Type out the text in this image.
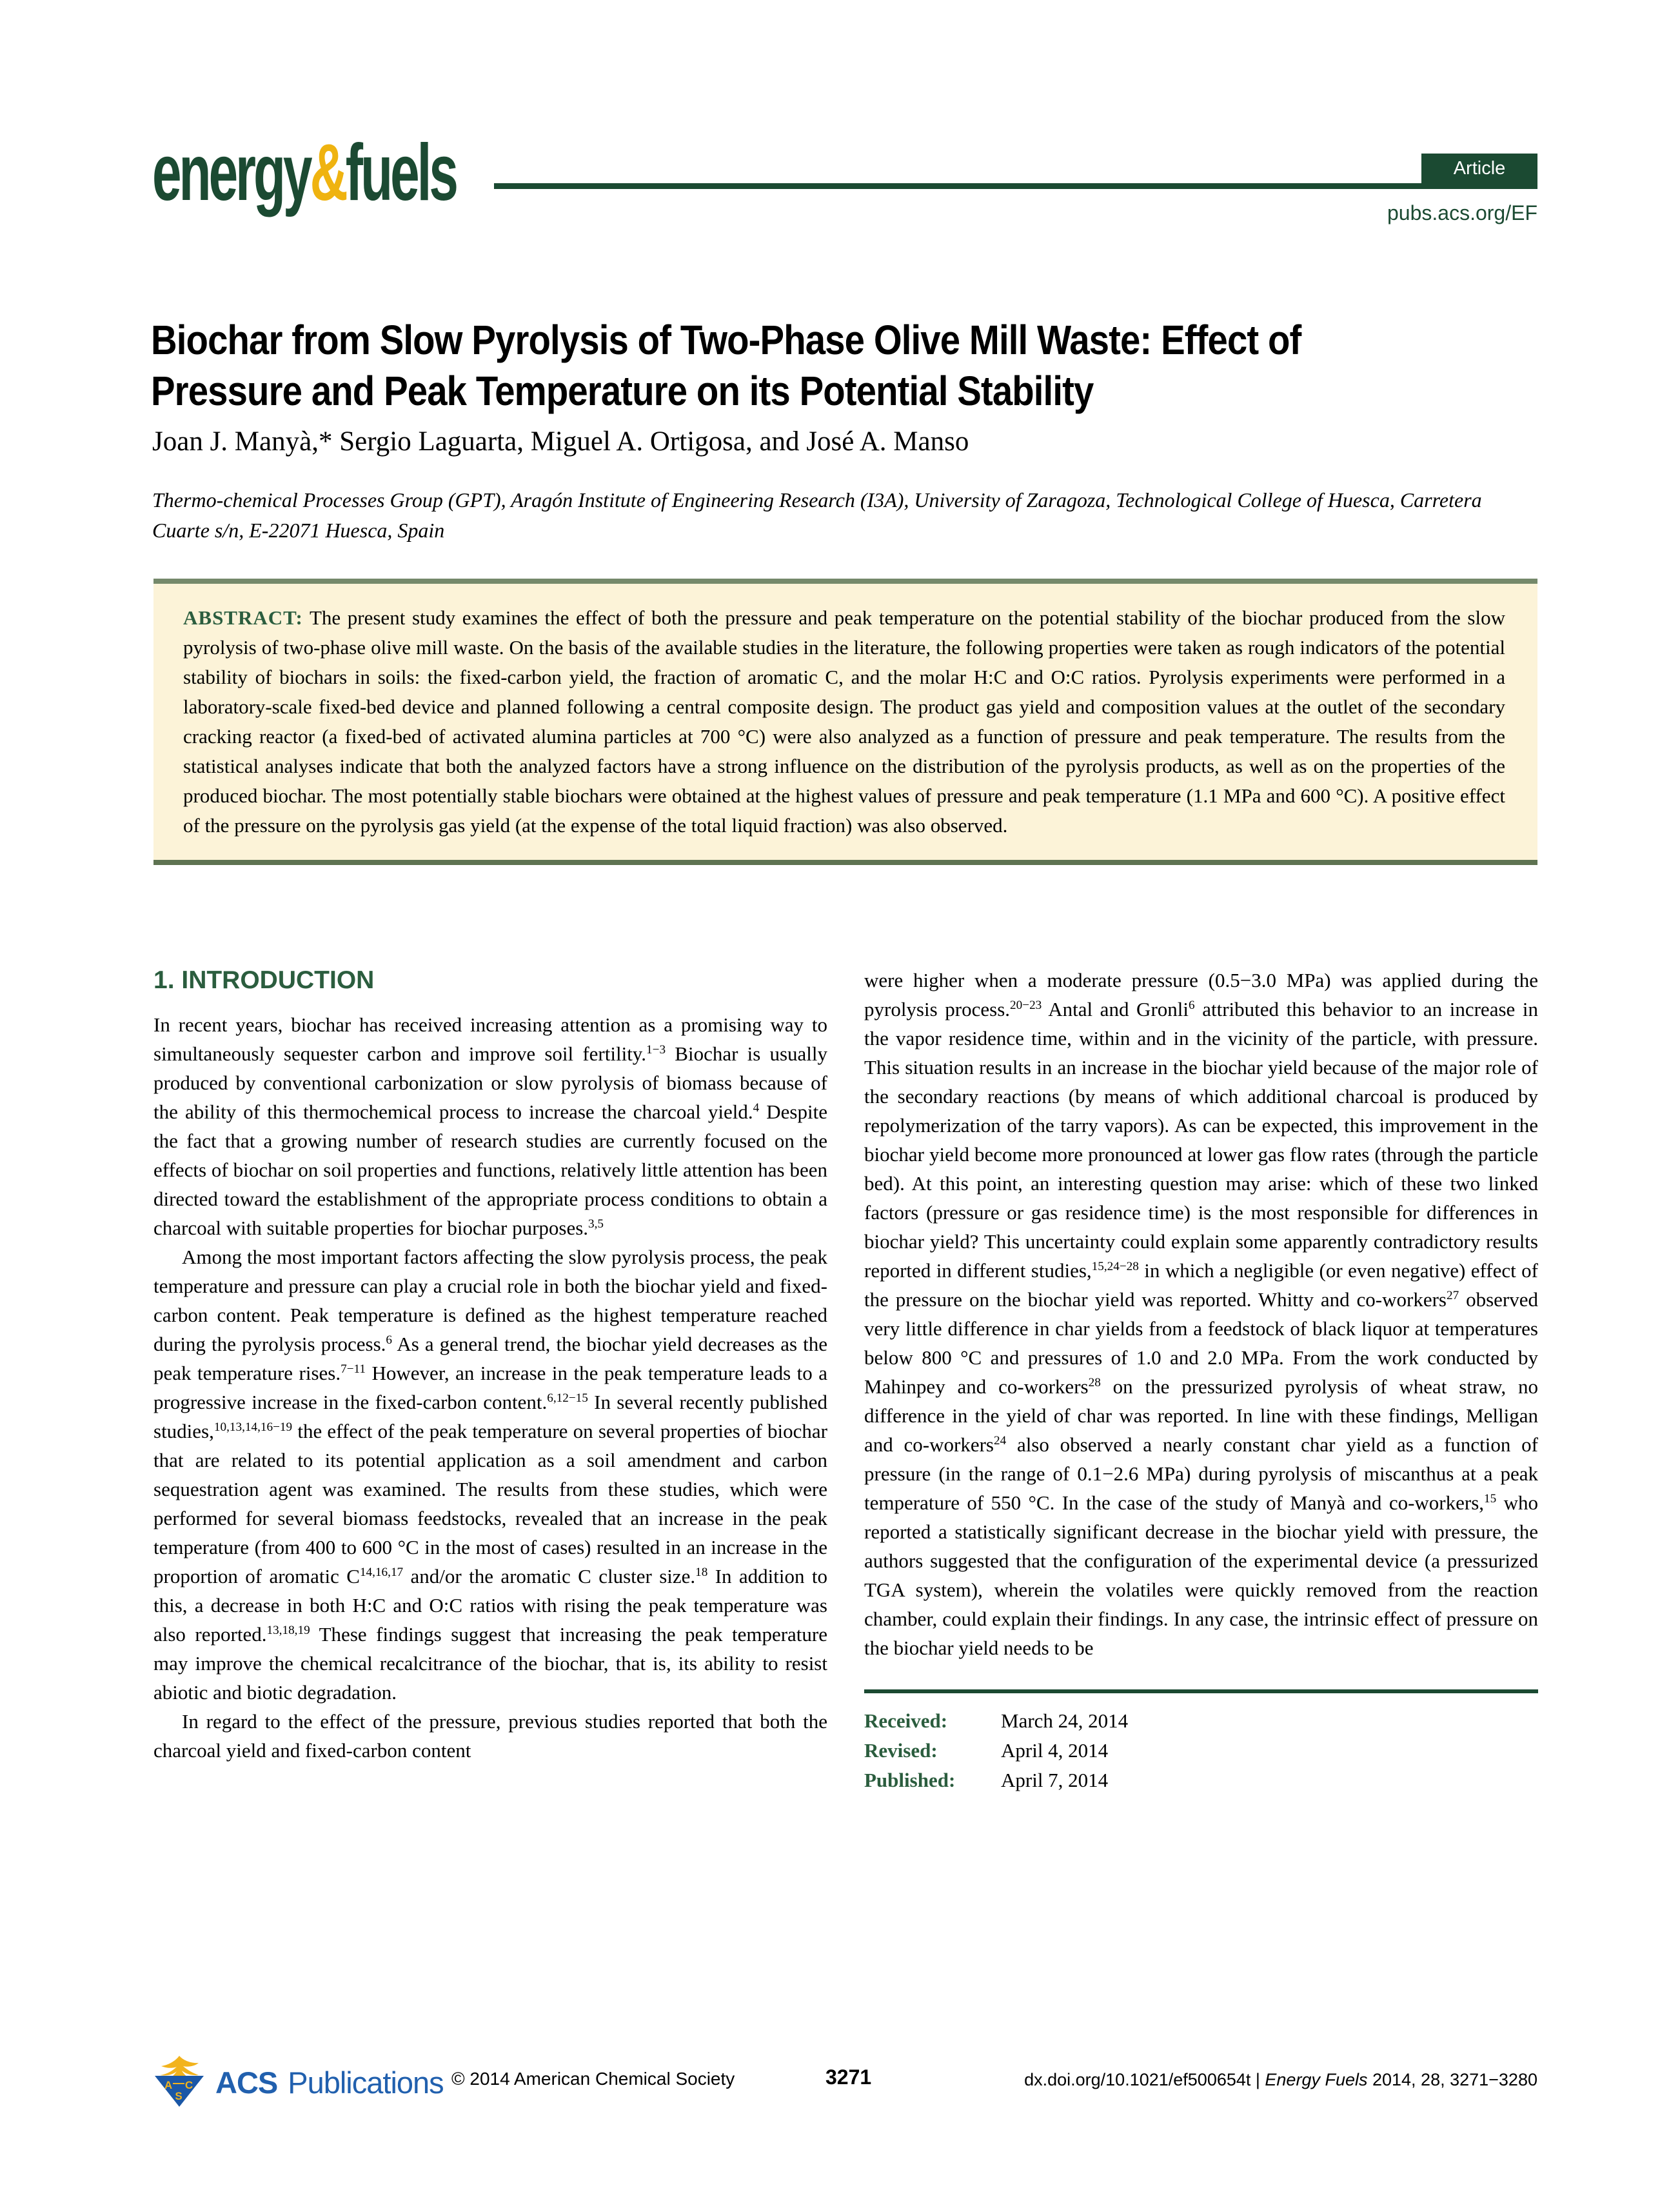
energy&fuels	Article
pubs.acs.org/EF
Biochar from Slow Pyrolysis of Two-Phase Olive Mill Waste: Effect of
Pressure and Peak Temperature on its Potential Stability
Joan J. Manyà,* Sergio Laguarta, Miguel A. Ortigosa, and José A. Manso
Thermo-chemical Processes Group (GPT), Aragón Institute of Engineering Research (I3A), University of Zaragoza, Technological College of Huesca, Carretera Cuarte s/n, E-22071 Huesca, Spain

ABSTRACT: The present study examines the effect of both the pressure and peak temperature on the potential stability of the biochar produced from the slow pyrolysis of two-phase olive mill waste. On the basis of the available studies in the literature, the following properties were taken as rough indicators of the potential stability of biochars in soils: the fixed-carbon yield, the fraction of aromatic C, and the molar H:C and O:C ratios. Pyrolysis experiments were performed in a laboratory-scale fixed-bed device and planned following a central composite design. The product gas yield and composition values at the outlet of the secondary cracking reactor (a fixed-bed of activated alumina particles at 700 °C) were also analyzed as a function of pressure and peak temperature. The results from the statistical analyses indicate that both the analyzed factors have a strong influence on the distribution of the pyrolysis products, as well as on the properties of the produced biochar. The most potentially stable biochars were obtained at the highest values of pressure and peak temperature (1.1 MPa and 600 °C). A positive effect of the pressure on the pyrolysis gas yield (at the expense of the total liquid fraction) was also observed.

1. INTRODUCTION

In recent years, biochar has received increasing attention as a promising way to simultaneously sequester carbon and improve soil fertility.$^{1-3}$ Biochar is usually produced by conventional carbonization or slow pyrolysis of biomass because of the ability of this thermochemical process to increase the charcoal yield.$^4$ Despite the fact that a growing number of research studies are currently focused on the effects of biochar on soil properties and functions, relatively little attention has been directed toward the establishment of the appropriate process conditions to obtain a charcoal with suitable properties for biochar purposes.$^{3,5}$

Among the most important factors affecting the slow pyrolysis process, the peak temperature and pressure can play a crucial role in both the biochar yield and fixed-carbon content. Peak temperature is defined as the highest temperature reached during the pyrolysis process.$^6$ As a general trend, the biochar yield decreases as the peak temperature rises.$^{7-11}$ However, an increase in the peak temperature leads to a progressive increase in the fixed-carbon content.$^{6,12-15}$ In several recently published studies,$^{10,13,14,16-19}$ the effect of the peak temperature on several properties of biochar that are related to its potential application as a soil amendment and carbon sequestration agent was examined. The results from these studies, which were performed for several biomass feedstocks, revealed that an increase in the peak temperature (from 400 to 600 °C in the most of cases) resulted in an increase in the proportion of aromatic C$^{14,16,17}$ and/or the aromatic C cluster size.$^{18}$ In addition to this, a decrease in both H:C and O:C ratios with rising the peak temperature was also reported.$^{13,18,19}$ These findings suggest that increasing the peak temperature may improve the chemical recalcitrance of the biochar, that is, its ability to resist abiotic and biotic degradation.

In regard to the effect of the pressure, previous studies reported that both the charcoal yield and fixed-carbon content

were higher when a moderate pressure (0.5−3.0 MPa) was applied during the pyrolysis process.$^{20-23}$ Antal and Gronli$^6$ attributed this behavior to an increase in the vapor residence time, within and in the vicinity of the particle, with pressure. This situation results in an increase in the biochar yield because of the major role of the secondary reactions (by means of which additional charcoal is produced by repolymerization of the tarry vapors). As can be expected, this improvement in the biochar yield become more pronounced at lower gas flow rates (through the particle bed). At this point, an interesting question may arise: which of these two linked factors (pressure or gas residence time) is the most responsible for differences in biochar yield? This uncertainty could explain some apparently contradictory results reported in different studies,$^{15,24-28}$ in which a negligible (or even negative) effect of the pressure on the biochar yield was reported. Whitty and co-workers$^{27}$ observed very little difference in char yields from a feedstock of black liquor at temperatures below 800 °C and pressures of 1.0 and 2.0 MPa. From the work conducted by Mahinpey and co-workers$^{28}$ on the pressurized pyrolysis of wheat straw, no difference in the yield of char was reported. In line with these findings, Melligan and co-workers$^{24}$ also observed a nearly constant char yield as a function of pressure (in the range of 0.1−2.6 MPa) during pyrolysis of miscanthus at a peak temperature of 550 °C. In the case of the study of Manyà and co-workers,$^{15}$ who reported a statistically significant decrease in the biochar yield with pressure, the authors suggested that the configuration of the experimental device (a pressurized TGA system), wherein the volatiles were quickly removed from the reaction chamber, could explain their findings. In any case, the intrinsic effect of pressure on the biochar yield needs to be

Received:	March 24, 2014
Revised:	April 4, 2014
Published:	April 7, 2014
A C
S ACS Publications © 2014 American Chemical Society	3271	dx.doi.org/10.1021/ef500654t | Energy Fuels 2014, 28, 3271−3280
